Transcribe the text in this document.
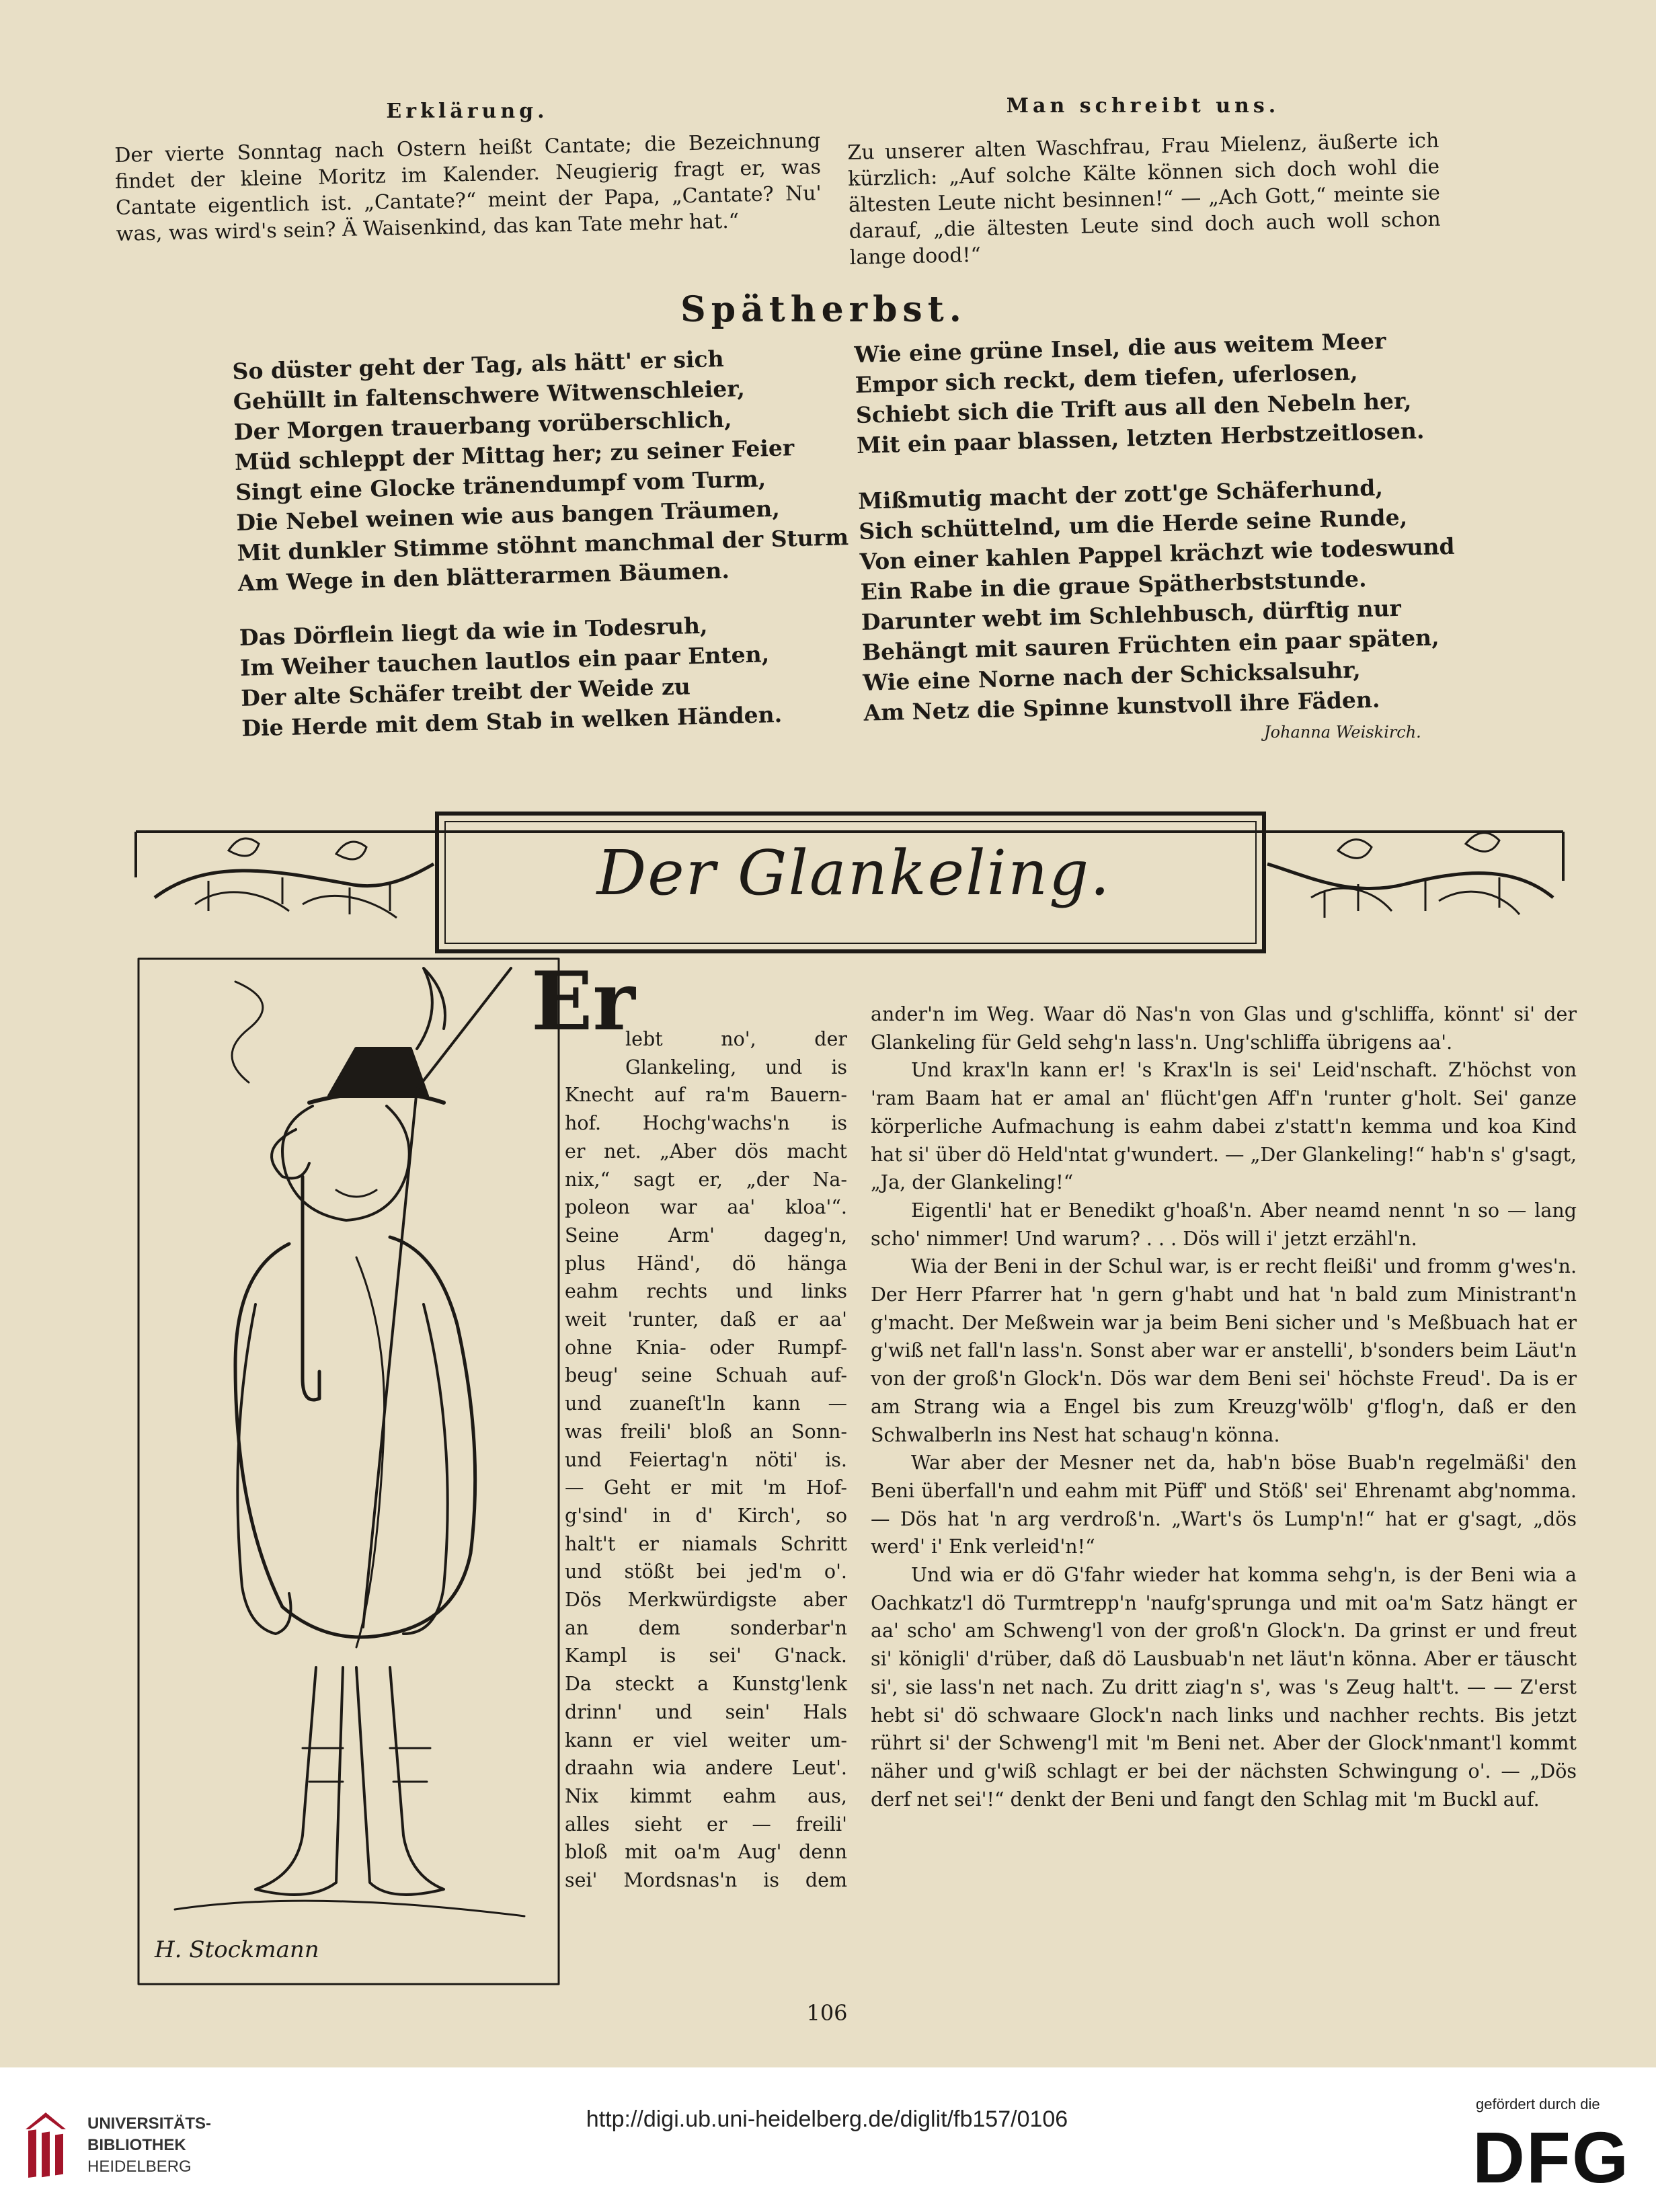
Erklärung.
Der vierte Sonntag nach Ostern heißt Cantate; die Bezeichnung findet der kleine Moritz im Kalender. Neugierig fragt er, was Cantate eigentlich ist. „Cantate?“ meint der Papa, „Cantate? Nu' was, was wird's sein? Ä Waisenkind, das kan Tate mehr hat.“
Man schreibt uns.
Zu unserer alten Waschfrau, Frau Mielenz, äußerte ich kürzlich: „Auf solche Kälte können sich doch wohl die ältesten Leute nicht besinnen!“ — „Ach Gott,“ meinte sie darauf, „die ältesten Leute sind doch auch woll schon lange dood!“
Spätherbst.
So düster geht der Tag, als hätt' er sich
Gehüllt in faltenschwere Witwenschleier,
Der Morgen trauerbang vorüberschlich,
Müd schleppt der Mittag her; zu seiner Feier
Singt eine Glocke tränendumpf vom Turm,
Die Nebel weinen wie aus bangen Träumen,
Mit dunkler Stimme stöhnt manchmal der Sturm
Am Wege in den blätterarmen Bäumen.
Das Dörflein liegt da wie in Todesruh,
Im Weiher tauchen lautlos ein paar Enten,
Der alte Schäfer treibt der Weide zu
Die Herde mit dem Stab in welken Händen.
Wie eine grüne Insel, die aus weitem Meer
Empor sich reckt, dem tiefen, uferlosen,
Schiebt sich die Trift aus all den Nebeln her,
Mit ein paar blassen, letzten Herbstzeitlosen.
Mißmutig macht der zott'ge Schäferhund,
Sich schüttelnd, um die Herde seine Runde,
Von einer kahlen Pappel krächzt wie todeswund
Ein Rabe in die graue Spätherbststunde.
Darunter webt im Schlehbusch, dürftig nur
Behängt mit sauren Früchten ein paar späten,
Wie eine Norne nach der Schicksalsuhr,
Am Netz die Spinne kunstvoll ihre Fäden.
Johanna Weiskirch.
Der Glankeling.
H. Stockmann
Er
lebt no', der
Glankeling, und is
Knecht auf ra'm Bauern-
hof. Hochg'wachs'n is
er net. „Aber dös macht
nix,“ sagt er, „der Na-
poleon war aa' kloa'“.
Seine Arm' dageg'n,
plus Händ', dö hänga
eahm rechts und links
weit 'runter, daß er aa'
ohne Knia- oder Rumpf-
beug' seine Schuah auf-
und zuaneſt'ln kann —
was freili' bloß an Sonn-
und Feiertag'n nöti' is.
— Geht er mit 'm Hof-
g'sind' in d' Kirch', so
halt't er niamals Schritt
und stößt bei jed'm o'.
Dös Merkwürdigste aber
an dem sonderbar'n
Kampl is sei' G'nack.
Da steckt a Kunstg'lenk
drinn' und sein' Hals
kann er viel weiter um-
draahn wia andere Leut'.
Nix kimmt eahm aus,
alles sieht er — freili'
bloß mit oa'm Aug' denn
sei' Mordsnas'n is dem

ander'n im Weg. Waar dö Nas'n von Glas und g'schliffa, könnt' si' der Glankeling für Geld sehg'n lass'n. Ung'schliffa übrigens aa'.

Und krax'ln kann er! 's Krax'ln is sei' Leid'nschaft. Z'höchst von 'ram Baam hat er amal an' flücht'gen Aff'n 'runter g'holt. Sei' ganze körperliche Aufmachung is eahm dabei z'statt'n kemma und koa Kind hat si' über dö Held'ntat g'wundert. — „Der Glankeling!“ hab'n s' g'sagt, „Ja, der Glankeling!“

Eigentli' hat er Benedikt g'hoaß'n. Aber neamd nennt 'n so — lang scho' nimmer! Und warum? . . . Dös will i' jetzt erzähl'n.

Wia der Beni in der Schul war, is er recht fleißi' und fromm g'wes'n. Der Herr Pfarrer hat 'n gern g'habt und hat 'n bald zum Ministrant'n g'macht. Der Meßwein war ja beim Beni sicher und 's Meßbuach hat er g'wiß net fall'n lass'n. Sonst aber war er anstelli', b'sonders beim Läut'n von der groß'n Glock'n. Dös war dem Beni sei' höchste Freud'. Da is er am Strang wia a Engel bis zum Kreuzg'wölb' g'flog'n, daß er den Schwalberln ins Nest hat schaug'n könna.

War aber der Mesner net da, hab'n böse Buab'n regelmäßi' den Beni überfall'n und eahm mit Püff' und Stöß' sei' Ehrenamt abg'nomma. — Dös hat 'n arg verdroß'n. „Wart's ös Lump'n!“ hat er g'sagt, „dös werd' i' Enk verleid'n!“

Und wia er dö G'fahr wieder hat komma sehg'n, is der Beni wia a Oachkatz'l dö Turmtrepp'n 'naufg'sprunga und mit oa'm Satz hängt er aa' scho' am Schweng'l von der groß'n Glock'n. Da grinst er und freut si' königli' d'rüber, daß dö Lausbuab'n net läut'n könna. Aber er täuscht si', sie lass'n net nach. Zu dritt ziag'n s', was 's Zeug halt't. — — Z'erst hebt si' dö schwaare Glock'n nach links und nachher rechts. Bis jetzt rührt si' der Schweng'l mit 'm Beni net. Aber der Glock'nmant'l kommt näher und g'wiß schlagt er bei der nächsten Schwingung o'. — „Dös derf net sei'!“ denkt der Beni und fangt den Schlag mit 'm Buckl auf.

106
UNIVERSITÄTS-
BIBLIOTHEK
HEIDELBERG
http://digi.ub.uni-heidelberg.de/diglit/fb157/0106
gefördert durch die
DFG
